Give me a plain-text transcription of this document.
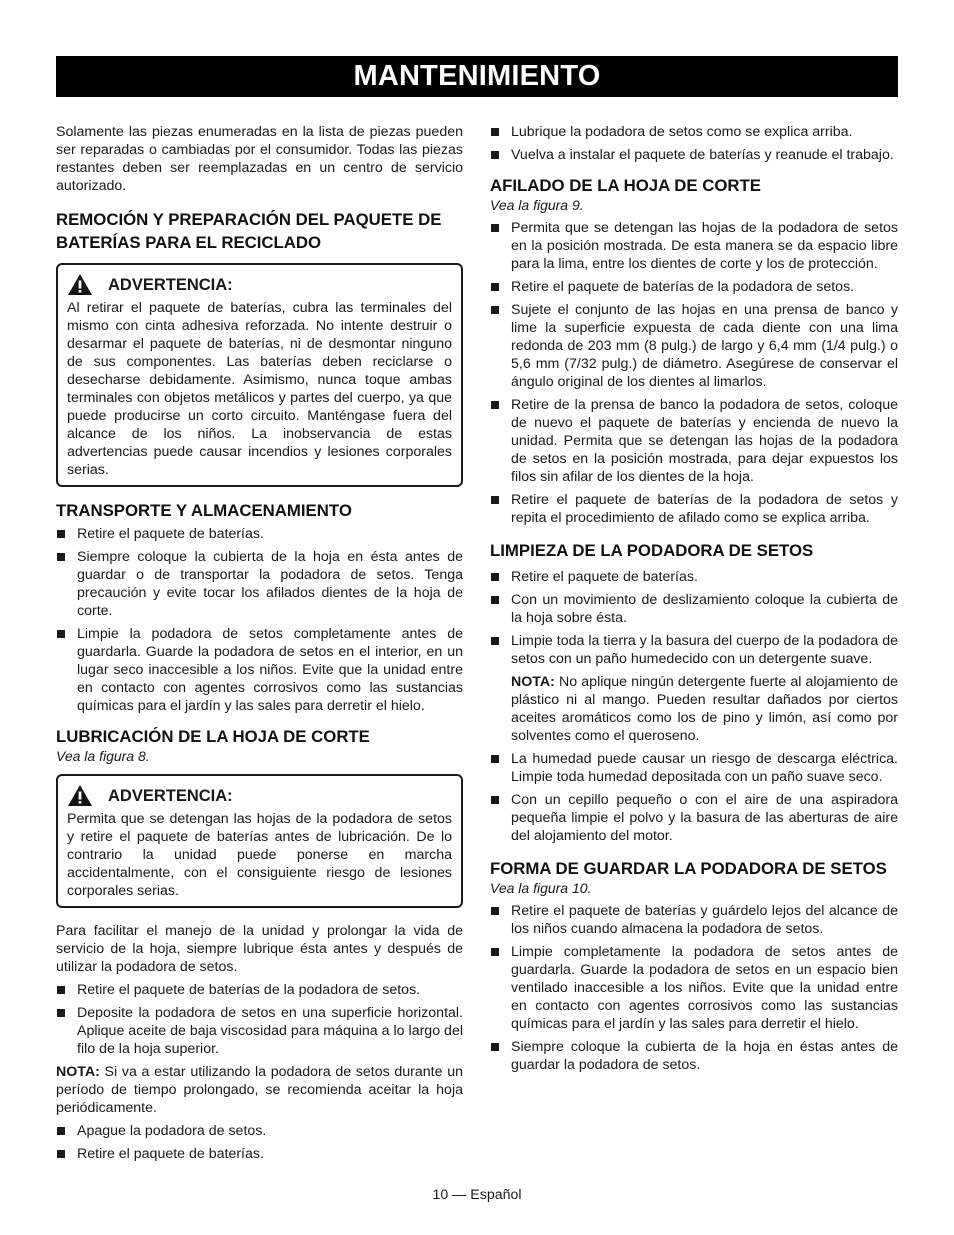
MANTENIMIENTO

Solamente las piezas enumeradas en la lista de piezas pueden ser reparadas o cambiadas por el consumidor. Todas las piezas restantes deben ser reemplazadas en un centro de servicio autorizado.

REMOCIÓN Y PREPARACIÓN DEL PAQUETE DE BATERÍAS PARA EL RECICLADO
ADVERTENCIA:

Al retirar el paquete de baterías, cubra las terminales del mismo con cinta adhesiva reforzada. No intente destruir o desarmar el paquete de baterías, ni de desmontar ninguno de sus componentes. Las baterías deben reciclarse o desecharse debidamente. Asimismo, nunca toque ambas terminales con objetos metálicos y partes del cuerpo, ya que puede producirse un corto circuito. Manténgase fuera del alcance de los niños. La inobservancia de estas advertencias puede causar incendios y lesiones corporales serias.

TRANSPORTE Y ALMACENAMIENTO
Retire el paquete de baterías.
Siempre coloque la cubierta de la hoja en ésta antes de guardar o de transportar la podadora de setos. Tenga precaución y evite tocar los afilados dientes de la hoja de corte.
Limpie la podadora de setos completamente antes de guardarla. Guarde la podadora de setos en el interior, en un lugar seco inaccesible a los niños. Evite que la unidad entre en contacto con agentes corrosivos como las sustancias químicas para el jardín y las sales para derretir el hielo.
LUBRICACIÓN DE LA HOJA DE CORTE
Vea la figura 8.
ADVERTENCIA:

Permita que se detengan las hojas de la podadora de setos y retire el paquete de baterías antes de lubricación. De lo contrario la unidad puede ponerse en marcha accidentalmente, con el consiguiente riesgo de lesiones corporales serias.

Para facilitar el manejo de la unidad y prolongar la vida de servicio de la hoja, siempre lubrique ésta antes y después de utilizar la podadora de setos.

Retire el paquete de baterías de la podadora de setos.
Deposite la podadora de setos en una superficie horizontal. Aplique aceite de baja viscosidad para máquina a lo largo del filo de la hoja superior.

NOTA: Si va a estar utilizando la podadora de setos durante un período de tiempo prolongado, se recomienda aceitar la hoja periódicamente.

Apague la podadora de setos.
Retire el paquete de baterías.
Lubrique la podadora de setos como se explica arriba.
Vuelva a instalar el paquete de baterías y reanude el trabajo.
AFILADO DE LA HOJA DE CORTE
Vea la figura 9.
Permita que se detengan las hojas de la podadora de setos en la posición mostrada. De esta manera se da espacio libre para la lima, entre los dientes de corte y los de protección.
Retire el paquete de baterías de la podadora de setos.
Sujete el conjunto de las hojas en una prensa de banco y lime la superficie expuesta de cada diente con una lima redonda de 203 mm (8 pulg.) de largo y 6,4 mm (1/4 pulg.) o 5,6 mm (7/32 pulg.) de diámetro. Asegúrese de conservar el ángulo original de los dientes al limarlos.
Retire de la prensa de banco la podadora de setos, coloque de nuevo el paquete de baterías y encienda de nuevo la unidad. Permita que se detengan las hojas de la podadora de setos en la posición mostrada, para dejar expuestos los filos sin afilar de los dientes de la hoja.
Retire el paquete de baterías de la podadora de setos y repita el procedimiento de afilado como se explica arriba.
LIMPIEZA DE LA PODADORA DE SETOS
Retire el paquete de baterías.
Con un movimiento de deslizamiento coloque la cubierta de la hoja sobre ésta.
Limpie toda la tierra y la basura del cuerpo de la podadora de setos con un paño humedecido con un detergente suave.

NOTA: No aplique ningún detergente fuerte al alojamiento de plástico ni al mango. Pueden resultar dañados por ciertos aceites aromáticos como los de pino y limón, así como por solventes como el queroseno.

La humedad puede causar un riesgo de descarga eléctrica. Limpie toda humedad depositada con un paño suave seco.
Con un cepillo pequeño o con el aire de una aspiradora pequeña limpie el polvo y la basura de las aberturas de aire del alojamiento del motor.
FORMA DE GUARDAR LA PODADORA DE SETOS
Vea la figura 10.
Retire el paquete de baterías y guárdelo lejos del alcance de los niños cuando almacena la podadora de setos.
Limpie completamente la podadora de setos antes de guardarla. Guarde la podadora de setos en un espacio bien ventilado inaccesible a los niños. Evite que la unidad entre en contacto con agentes corrosivos como las sustancias químicas para el jardín y las sales para derretir el hielo.
Siempre coloque la cubierta de la hoja en éstas antes de guardar la podadora de setos.
10 — Español
